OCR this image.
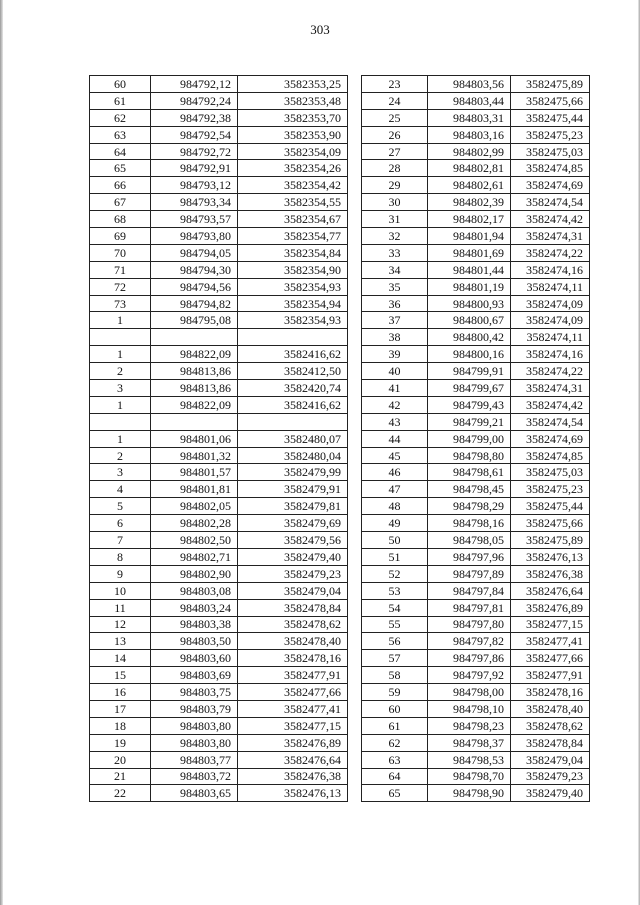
303
60	984792,12	3582353,25
61	984792,24	3582353,48
62	984792,38	3582353,70
63	984792,54	3582353,90
64	984792,72	3582354,09
65	984792,91	3582354,26
66	984793,12	3582354,42
67	984793,34	3582354,55
68	984793,57	3582354,67
69	984793,80	3582354,77
70	984794,05	3582354,84
71	984794,30	3582354,90
72	984794,56	3582354,93
73	984794,82	3582354,94
1	984795,08	3582354,93

1	984822,09	3582416,62
2	984813,86	3582412,50
3	984813,86	3582420,74
1	984822,09	3582416,62

1	984801,06	3582480,07
2	984801,32	3582480,04
3	984801,57	3582479,99
4	984801,81	3582479,91
5	984802,05	3582479,81
6	984802,28	3582479,69
7	984802,50	3582479,56
8	984802,71	3582479,40
9	984802,90	3582479,23
10	984803,08	3582479,04
11	984803,24	3582478,84
12	984803,38	3582478,62
13	984803,50	3582478,40
14	984803,60	3582478,16
15	984803,69	3582477,91
16	984803,75	3582477,66
17	984803,79	3582477,41
18	984803,80	3582477,15
19	984803,80	3582476,89
20	984803,77	3582476,64
21	984803,72	3582476,38
22	984803,65	3582476,13
23	984803,56	3582475,89
24	984803,44	3582475,66
25	984803,31	3582475,44
26	984803,16	3582475,23
27	984802,99	3582475,03
28	984802,81	3582474,85
29	984802,61	3582474,69
30	984802,39	3582474,54
31	984802,17	3582474,42
32	984801,94	3582474,31
33	984801,69	3582474,22
34	984801,44	3582474,16
35	984801,19	3582474,11
36	984800,93	3582474,09
37	984800,67	3582474,09
38	984800,42	3582474,11
39	984800,16	3582474,16
40	984799,91	3582474,22
41	984799,67	3582474,31
42	984799,43	3582474,42
43	984799,21	3582474,54
44	984799,00	3582474,69
45	984798,80	3582474,85
46	984798,61	3582475,03
47	984798,45	3582475,23
48	984798,29	3582475,44
49	984798,16	3582475,66
50	984798,05	3582475,89
51	984797,96	3582476,13
52	984797,89	3582476,38
53	984797,84	3582476,64
54	984797,81	3582476,89
55	984797,80	3582477,15
56	984797,82	3582477,41
57	984797,86	3582477,66
58	984797,92	3582477,91
59	984798,00	3582478,16
60	984798,10	3582478,40
61	984798,23	3582478,62
62	984798,37	3582478,84
63	984798,53	3582479,04
64	984798,70	3582479,23
65	984798,90	3582479,40
